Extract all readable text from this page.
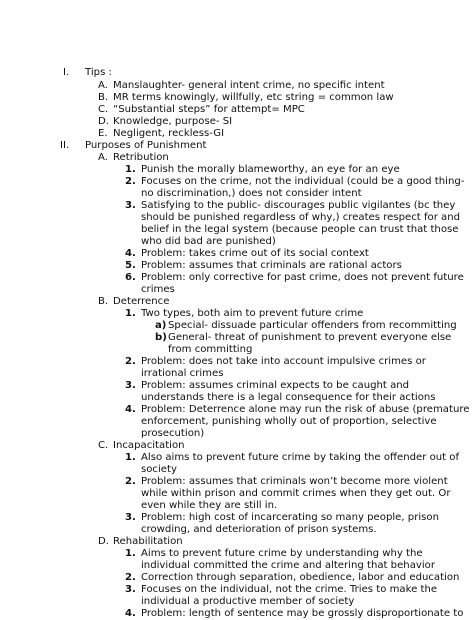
I. Tips :
A. Manslaughter- general intent crime, no specific intent
B. MR terms knowingly, willfully, etc string = common law
C. “Substantial steps” for attempt= MPC
D. Knowledge, purpose- SI
E. Negligent, reckless-GI
II. Purposes of Punishment
A. Retribution
1. Punish the morally blameworthy, an eye for an eye
2. Focuses on the crime, not the individual (could be a good thing-
no discrimination,) does not consider intent
3. Satisfying to the public- discourages public vigilantes (bc they
should be punished regardless of why,) creates respect for and
belief in the legal system (because people can trust that those
who did bad are punished)
4. Problem: takes crime out of its social context
5. Problem: assumes that criminals are rational actors
6. Problem: only corrective for past crime, does not prevent future
crimes
B. Deterrence
1. Two types, both aim to prevent future crime
a) Special- dissuade particular offenders from recommitting
b) General- threat of punishment to prevent everyone else
from committing
2. Problem: does not take into account impulsive crimes or
irrational crimes
3. Problem: assumes criminal expects to be caught and
understands there is a legal consequence for their actions
4. Problem: Deterrence alone may run the risk of abuse (premature
enforcement, punishing wholly out of proportion, selective
prosecution)
C. Incapacitation
1. Also aims to prevent future crime by taking the offender out of
society
2. Problem: assumes that criminals won’t become more violent
while within prison and commit crimes when they get out. Or
even while they are still in.
3. Problem: high cost of incarcerating so many people, prison
crowding, and deterioration of prison systems.
D. Rehabilitation
1. Aims to prevent future crime by understanding why the
individual committed the crime and altering that behavior
2. Correction through separation, obedience, labor and education
3. Focuses on the individual, not the crime. Tries to make the
individual a productive member of society
4. Problem: length of sentence may be grossly disproportionate to
